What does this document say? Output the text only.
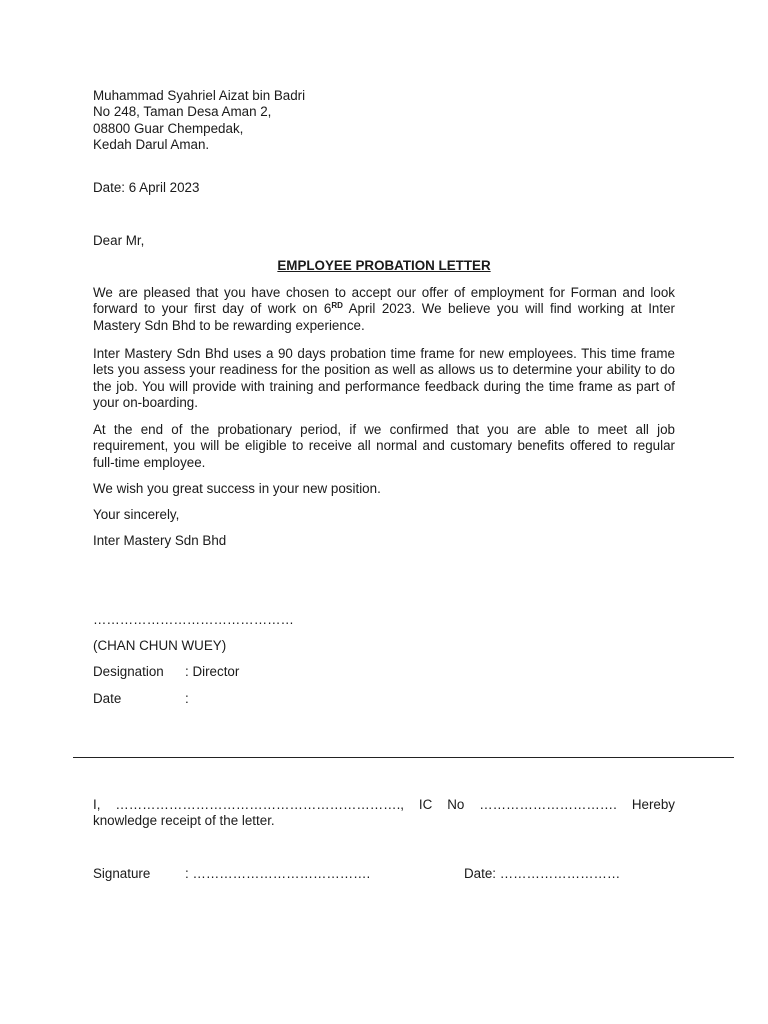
Muhammad Syahriel Aizat bin Badri
No 248, Taman Desa Aman 2,
08800 Guar Chempedak,
Kedah Darul Aman.
Date: 6 April 2023
Dear Mr,
EMPLOYEE PROBATION LETTER

We are pleased that you have chosen to accept our offer of employment for Forman and look forward to your first day of work on 6RD April 2023. We believe you will find working at Inter Mastery Sdn Bhd to be rewarding experience.

Inter Mastery Sdn Bhd uses a 90 days probation time frame for new employees. This time frame lets you assess your readiness for the position as well as allows us to determine your ability to do the job. You will provide with training and performance feedback during the time frame as part of your on-boarding.

At the end of the probationary period, if we confirmed that you are able to meet all job requirement, you will be eligible to receive all normal and customary benefits offered to regular full-time employee.

We wish you great success in your new position.

Your sincerely,
Inter Mastery Sdn Bhd
………………………………………
(CHAN CHUN WUEY)
Designation : Director
Date	:

I, ………………………………………………………., IC No …………………………. Hereby knowledge receipt of the letter.

Signature	: ………………………………….	Date: ………………………
